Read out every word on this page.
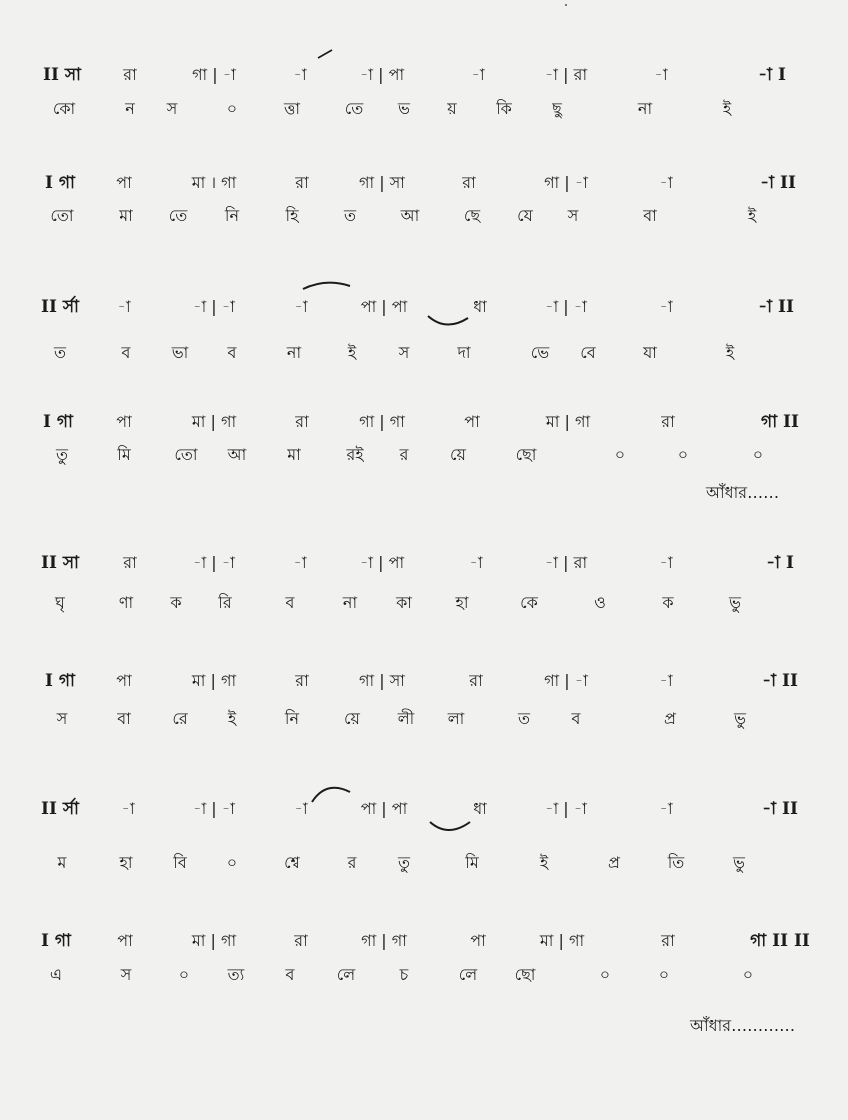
II সা	রা	গা | -া	-া	-া | পা	-া	-া | রা	-া	-া I
কো	ন স	০	ত্তা	তে ভ য় কি	ছু	না	ই
I গা	পা	মা । গা	রা	গা | সা	রা	গা | -া	-া	-া II
তো	মা তে নি	হি	ত	আ	ছে যে স	বা	ই
II র্সা -া	-া | -া	-া	পা | পা	ধা	-া | -া	-া	-া II
ত	ব	ভা ব	না	ই	স	দা	ভে বে	যা	ই
I গা	পা	মা | গা	রা	গা | গা	পা	মা | গা	রা	গা II
তু	মি	তো আ	মা	রই র	য়ে	ছো	০	০	০
II সা	রা	-া | -া	-া	-া | পা	-া	-া | রা	-া	-া I
ঘৃ	ণা ক রি	ব	না কা	হা	কে	ও	ক	ভু
I গা	পা	মা | গা	রা	গা | সা	রা	গা | -া	-া	-া II
স	বা	রে	ই	নি	য়ে লী লা	ত	ব	প্র	ভু
II র্সা	-া	-া | -া	-া	পা | পা	ধা	-া | -া	-া	-া II
ম	হা	বি	০	শ্বে	র	তু	মি	ই	প্র	তি	ভু
I গা	পা	মা | গা	রা	গা | গা	পা	মা | গা	রা	গা II II
এ	স	০ ত্য	ব	লে	চ	লে ছো	০	০	০
আঁধার……
আঁধার…………
